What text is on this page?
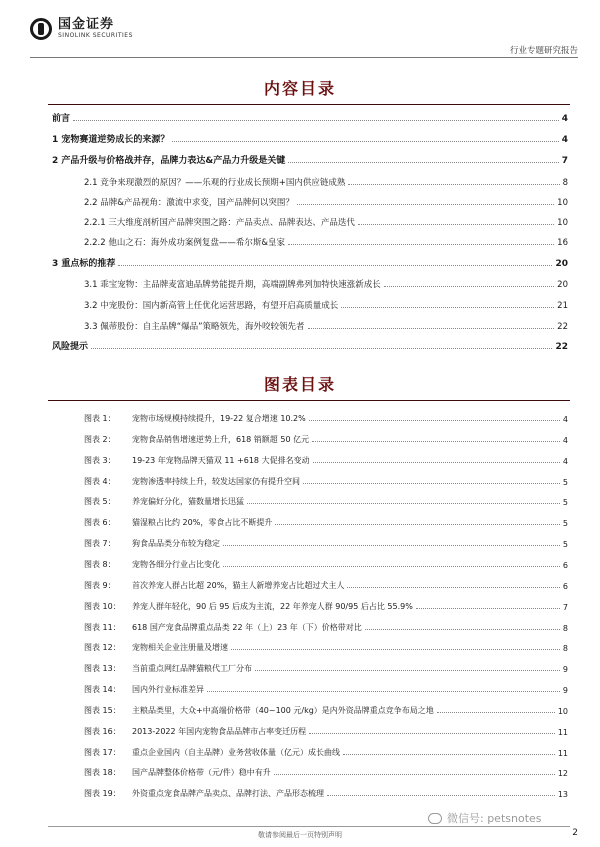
国金证券
SINOLINK SECURITIES
行业专题研究报告
内容目录
前言	4
1 宠物赛道逆势成长的来源？	4
2 产品升级与价格战并存，品牌力表达&产品力升级是关键	7
2.1 竞争来现激烈的原因？——乐观的行业成长预期+国内供应链成熟	8
2.2 品牌&产品视角：激流中求变，国产品牌何以突围？	10
2.2.1 三大维度剖析国产品牌突围之路：产品卖点、品牌表达、产品迭代	10
2.2.2 他山之石：海外成功案例复盘——希尔斯&皇家	16
3 重点标的推荐	20
3.1 乖宝宠物：主品牌麦富迪品牌势能提升期，高端副牌弗列加特快速涨新成长	20
3.2 中宠股份：国内新高管上任优化运营思路，有望开启高质量成长	21
3.3 佩蒂股份：自主品牌“爆品”策略领先，海外咬较领先者	22
风险提示	22
图表目录
图表 1：	宠物市场规模持续提升，19-22 复合增速 10.2%	4
图表 2：	宠物食品销售增速逆势上升，618 销额超 50 亿元	4
图表 3：	19-23 年宠物品牌天猫双 11 +618 大促排名变动	4
图表 4：	宠物渗透率持续上升，较发达国家仍有提升空间	5
图表 5：	养宠偏好分化，猫数量增长迅猛	5
图表 6：	猫湿粮占比约 20%，零食占比不断提升	5
图表 7：	狗食品品类分布较为稳定	5
图表 8：	宠物各细分行业占比变化	6
图表 9：	首次养宠人群占比超 20%，猫主人新增养宠占比超过犬主人	6
图表 10：	养宠人群年轻化，90 后 95 后成为主流，22 年养宠人群 90/95 后占比 55.9%	7
图表 11：	618 国产宠食品牌重点品类 22 年（上）23 年（下）价格带对比	8
图表 12：	宠物相关企业注册量及增速	8
图表 13：	当前重点网红品牌猫粮代工厂分布	9
图表 14：	国内外行业标准差异	9
图表 15：	主粮品类里，大众+中高端价格带（40~100 元/kg）是内外资品牌重点竞争布局之地	10
图表 16：	2013-2022 年国内宠物食品品牌市占率变迁历程	11
图表 17：	重点企业国内（自主品牌）业务营收体量（亿元）成长曲线	11
图表 18：	国产品牌整体价格带（元/件）稳中有升	12
图表 19：	外资重点宠食品牌产品卖点、品牌打法、产品形态梳理	13
微信号: petsnotes
敬请参阅最后一页特别声明	2
